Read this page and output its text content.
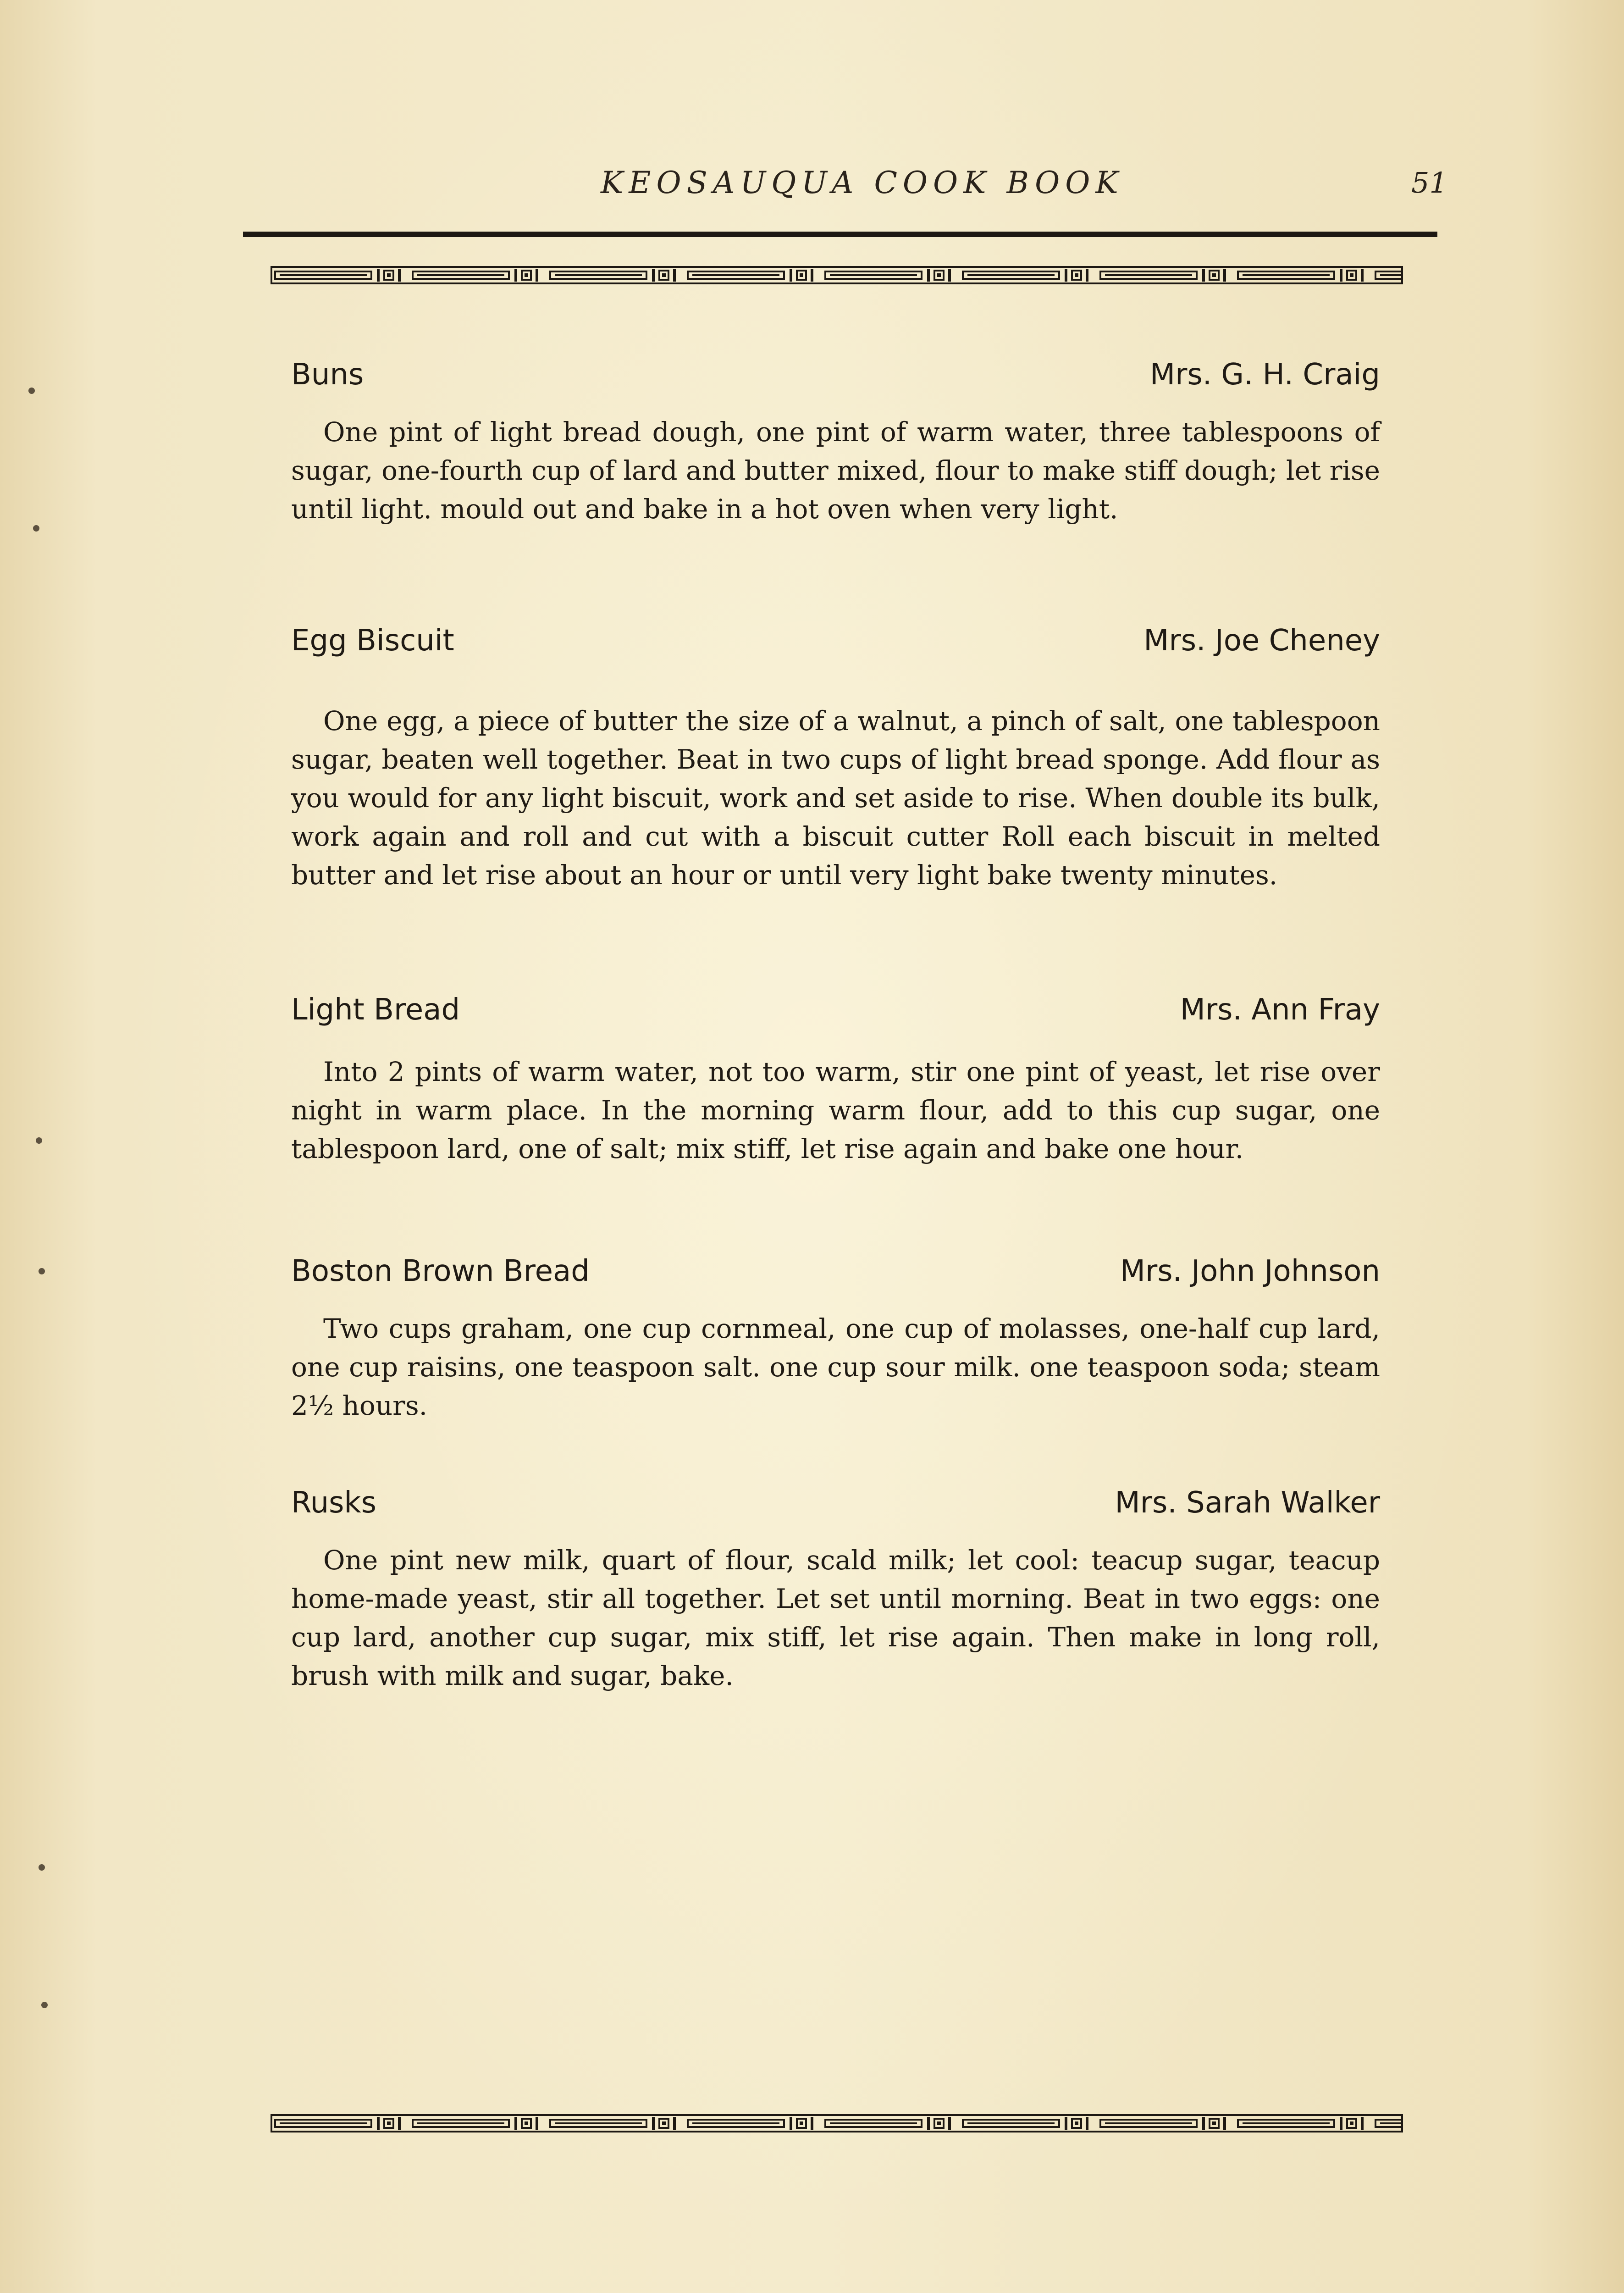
KEOSAUQUA COOK BOOK	51
Buns	Mrs. G. H. Craig
One pint of light bread dough, one pint of warm water, three tablespoons of sugar, one-fourth cup of lard and butter mixed, flour to make stiff dough; let rise until light. mould out and bake in a hot oven when very light.
Egg Biscuit	Mrs. Joe Cheney
One egg, a piece of butter the size of a walnut, a pinch of salt, one tablespoon sugar, beaten well together. Beat in two cups of light bread sponge. Add flour as you would for any light biscuit, work and set aside to rise. When double its bulk, work again and roll and cut with a biscuit cutter Roll each biscuit in melted butter and let rise about an hour or until very light bake twenty minutes.
Light Bread	Mrs. Ann Fray
Into 2 pints of warm water, not too warm, stir one pint of yeast, let rise over night in warm place. In the morning warm flour, add to this cup sugar, one tablespoon lard, one of salt; mix stiff, let rise again and bake one hour.
Boston Brown Bread	Mrs. John Johnson
Two cups graham, one cup cornmeal, one cup of molasses, one-half cup lard, one cup raisins, one teaspoon salt. one cup sour milk. one teaspoon soda; steam 2½ hours.
Rusks	Mrs. Sarah Walker
One pint new milk, quart of flour, scald milk; let cool: teacup sugar, teacup home-made yeast, stir all together. Let set until morning. Beat in two eggs: one cup lard, another cup sugar, mix stiff, let rise again. Then make in long roll, brush with milk and sugar, bake.
